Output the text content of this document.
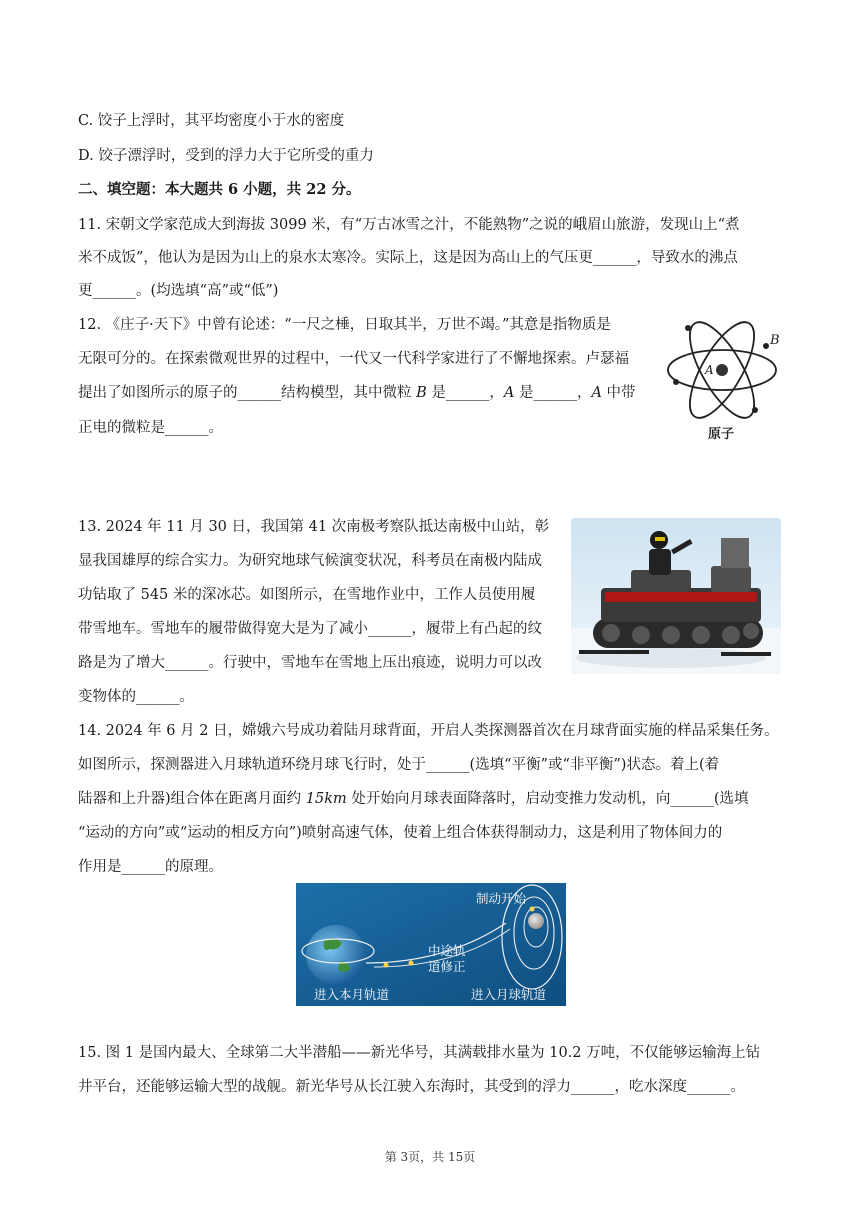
C. 饺子上浮时，其平均密度小于水的密度
D. 饺子漂浮时，受到的浮力大于它所受的重力
二、填空题：本大题共 6 小题，共 22 分。
11. 宋朝文学家范成大到海拔 3099 米，有“万古冰雪之汁，不能熟物”之说的峨眉山旅游，发现山上“煮
米不成饭”，他认为是因为山上的泉水太寒冷。实际上，这是因为高山上的气压更______，导致水的沸点
更______。(均选填“高”或“低”)
12. 《庄子·天下》中曾有论述：“一尺之棰，日取其半，万世不竭。”其意是指物质是
无限可分的。在探索微观世界的过程中，一代又一代科学家进行了不懈地探索。卢瑟福
提出了如图所示的原子的______结构模型，其中微粒 B 是______，A 是______，A 中带
正电的微粒是______。
B
A
原子
13. 2024 年 11 月 30 日，我国第 41 次南极考察队抵达南极中山站，彰
显我国雄厚的综合实力。为研究地球气候演变状况，科考员在南极内陆成
功钻取了 545 米的深冰芯。如图所示，在雪地作业中，工作人员使用履
带雪地车。雪地车的履带做得宽大是为了减小______，履带上有凸起的纹
路是为了增大______。行驶中，雪地车在雪地上压出痕迹，说明力可以改
变物体的______。
14. 2024 年 6 月 2 日，嫦娥六号成功着陆月球背面，开启人类探测器首次在月球背面实施的样品采集任务。
如图所示，探测器进入月球轨道环绕月球飞行时，处于______(选填“平衡”或“非平衡”)状态。着上(着
陆器和上升器)组合体在距离月面约 15km 处开始向月球表面降落时，启动变推力发动机，向______(选填
“运动的方向”或“运动的相反方向”)喷射高速气体，使着上组合体获得制动力，这是利用了物体间力的
作用是______的原理。
制动开始
中途轨
道修正
进入本月轨道	进入月球轨道
15. 图 1 是国内最大、全球第二大半潜船——新光华号，其满载排水量为 10.2 万吨，不仅能够运输海上钻
井平台，还能够运输大型的战舰。新光华号从长江驶入东海时，其受到的浮力______，吃水深度______。
第 3页，共 15页
